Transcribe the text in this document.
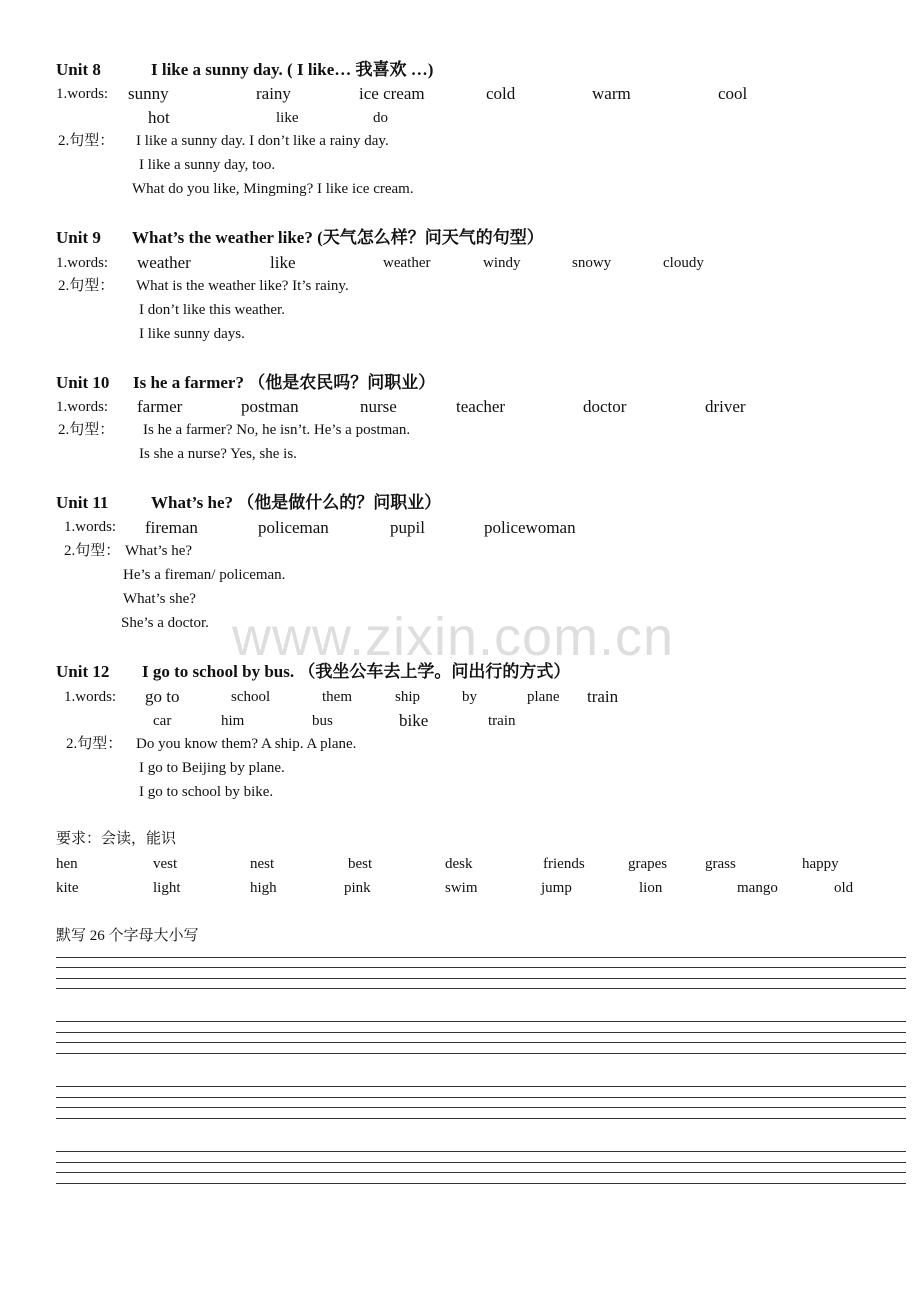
Unit 8	I like a sunny day. ( I like… 我喜欢 …)
1.words: sunny	rainy	ice cream	cold	warm	cool
hot	like	do
2.句型： I like a sunny day. I don’t like a rainy day.
I like a sunny day, too.
What do you like, Mingming? I like ice cream.
Unit 9 What’s the weather like? (天气怎么样？问天气的句型）
1.words: weather	like	weather	windy	snowy	cloudy
2.句型： What is the weather like? It’s rainy.
I don’t like this weather.
I like sunny days.
Unit 10 Is he a farmer? （他是农民吗？问职业）
1.words: farmer	postman	nurse	teacher	doctor	driver
2.句型： Is he a farmer? No, he isn’t. He’s a postman.
Is she a nurse? Yes, she is.
Unit 11	What’s he? （他是做什么的？问职业）
1.words: fireman	policeman	pupil	policewoman
2.句型： What’s he?
He’s a fireman/ policeman.
What’s she?
She’s a doctor. www.zixin.com.cn
Unit 12 I go to school by bus. （我坐公车去上学。问出行的方式）
1.words: go to	school	them	ship	by	plane train
car	him	bus	bike	train
2.句型： Do you know them? A ship. A plane.
I go to Beijing by plane.
I go to school by bike.
要求：会读，能识
hen	vest	nest	best	desk	friends	grapes	grass	happy
kite	light	high	pink	swim	jump	lion	mango	old
默写 26 个字母大小写
